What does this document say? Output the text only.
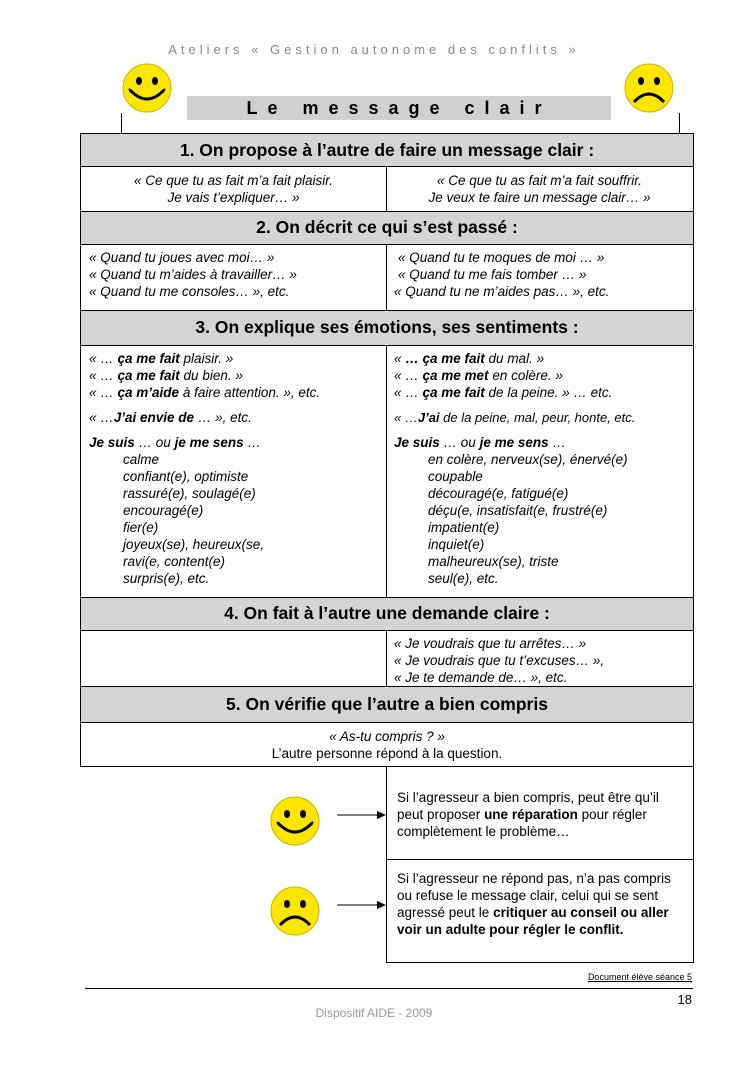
Ateliers « Gestion autonome des conflits »
Le message clair
1. On propose à l’autre de faire un message clair :
« Ce que tu as fait m’a fait plaisir.
Je vais t’expliquer… »
« Ce que tu as fait m’a fait souffrir.
Je veux te faire un message clair… »
2. On décrit ce qui s’est passé :
« Quand tu joues avec moi… »
« Quand tu m’aides à travailler… »
« Quand tu me consoles… », etc.
« Quand tu te moques de moi … »
« Quand tu me fais tomber … »
« Quand tu ne m’aides pas… », etc.
3. On explique ses émotions, ses sentiments :
« … ça me fait plaisir. »
« … ça me fait du bien. »
« … ça m’aide à faire attention. », etc.
« …J’ai envie de … », etc.
Je suis … ou je me sens …
calme
confiant(e), optimiste
rassuré(e), soulagé(e)
encouragé(e)
fier(e)
joyeux(se), heureux(se,
ravi(e, content(e)
surpris(e), etc.
« … ça me fait du mal. »
« … ça me met en colère. »
« … ça me fait de la peine. » … etc.
« …J’ai de la peine, mal, peur, honte, etc.
Je suis … ou je me sens …
en colère, nerveux(se), énervé(e)
coupable
découragé(e, fatigué(e)
déçu(e, insatisfait(e, frustré(e)
impatient(e)
inquiet(e)
malheureux(se), triste
seul(e), etc.
4. On fait à l’autre une demande claire :
« Je voudrais que tu arrêtes… »
« Je voudrais que tu t’excuses… »,
« Je te demande de… », etc.
5. On vérifie que l’autre a bien compris
« As-tu compris ? »
L’autre personne répond à la question.
Si l’agresseur a bien compris, peut être qu’il peut proposer une réparation pour régler complètement le problème…
Si l’agresseur ne répond pas, n’a pas compris ou refuse le message clair, celui qui se sent agressé peut le critiquer au conseil ou aller voir un adulte pour régler le conflit.
Document élève séance 5
18
Dispositif AIDE - 2009
